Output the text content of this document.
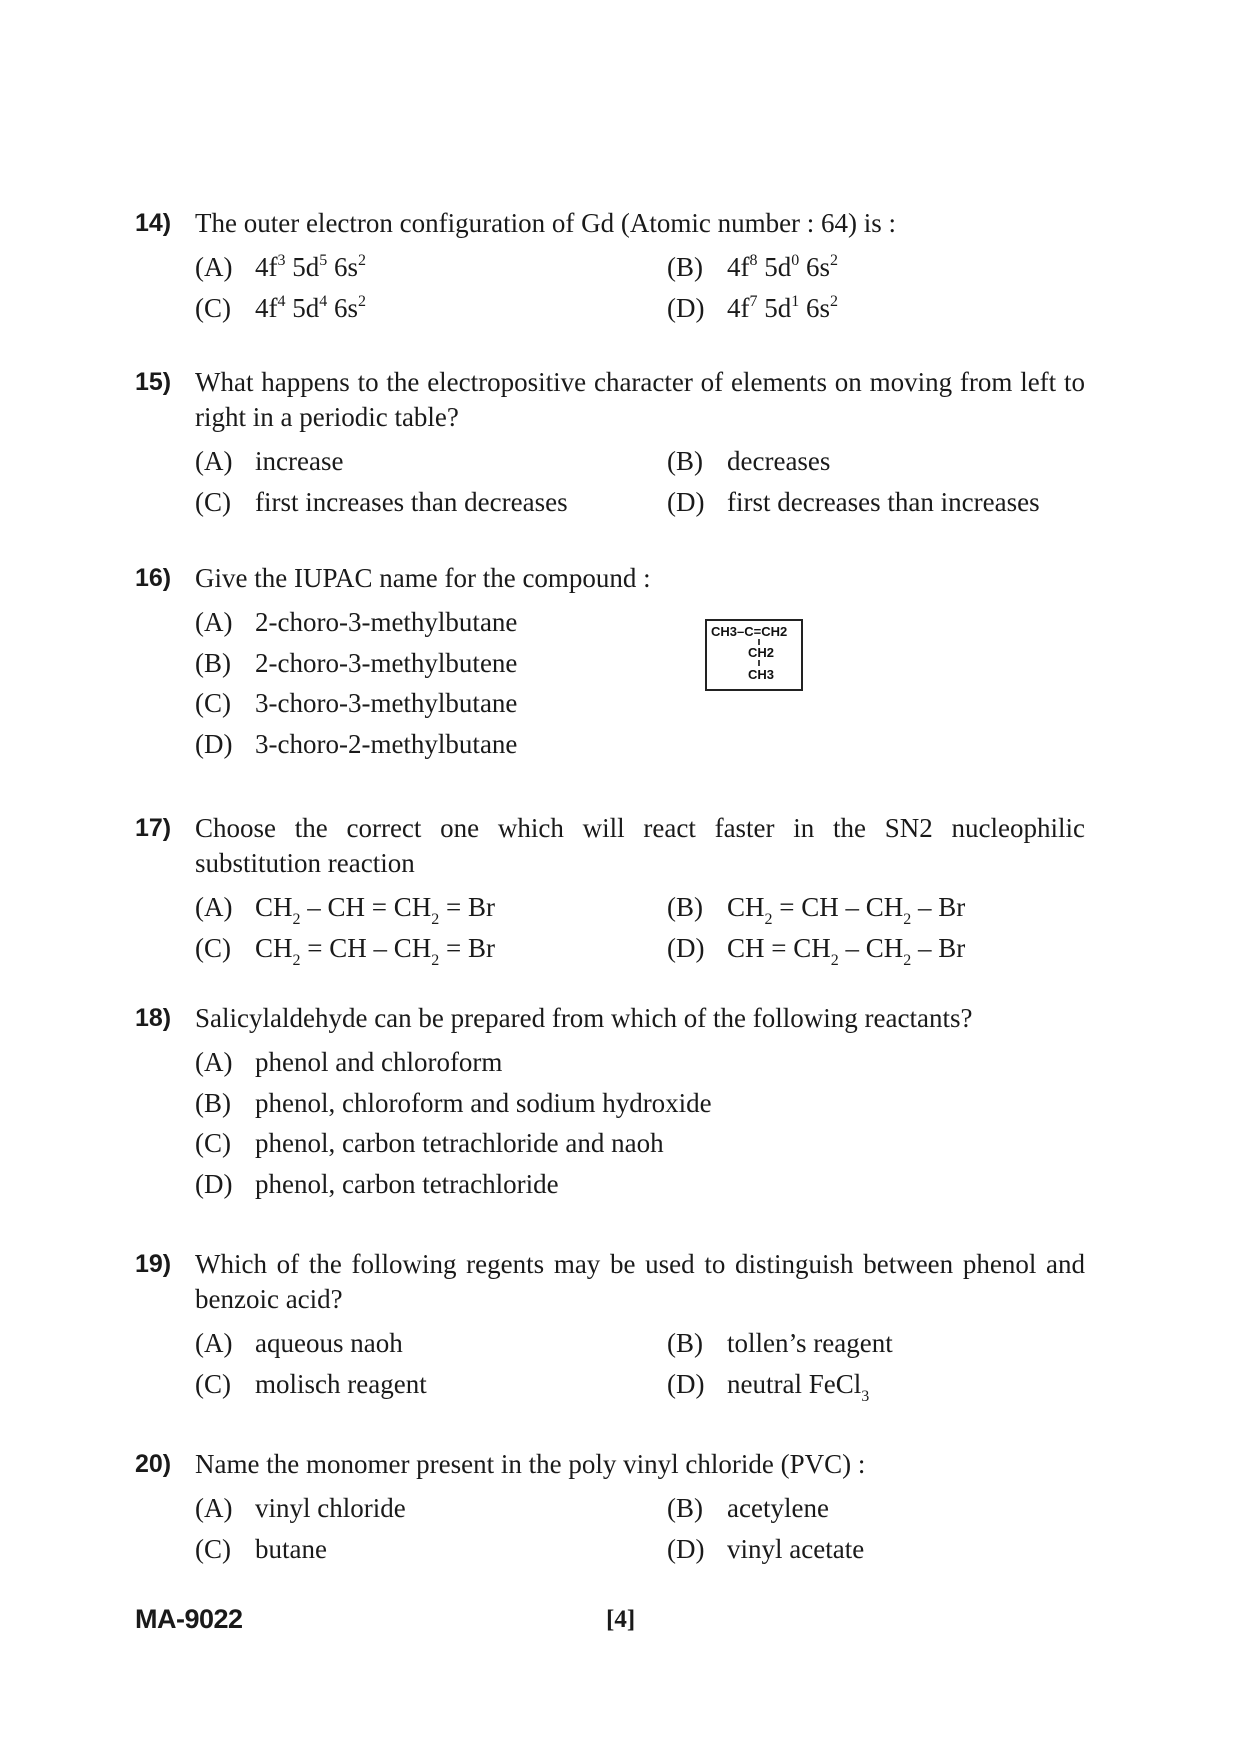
14) The outer electron configuration of Gd (Atomic number : 64) is :
(A) $4f^3$ $5d^5$ $6s^2$	(B) $4f^8$ $5d^0$ $6s^2$
(C) $4f^4$ $5d^4$ $6s^2$	(D) $4f^7$ $5d^1$ $6s^2$
15) What happens to the electropositive character of elements on moving from left to right in a periodic table?
(A) increase	(B) decreases
(C) first increases than decreases	(D) first decreases than increases
16) Give the IUPAC name for the compound :
(A) 2-choro-3-methylbutane
(B) 2-choro-3-methylbutene
(C) 3-choro-3-methylbutane
(D) 3-choro-2-methylbutane
CH3–C=CH2
CH2
CH3
17) Choose the correct one which will react faster in the SN2 nucleophilic substitution reaction
(A) $CH_2$ – CH = $CH_2 = Br$	(B) $CH_2$ = CH – $CH_2$ – Br
(C) $CH_2$ = CH – $CH_2 = Br$	(D) CH = $CH_2 - CH_2$ – Br
18) Salicylaldehyde can be prepared from which of the following reactants?
(A) phenol and chloroform
(B) phenol, chloroform and sodium hydroxide
(C) phenol, carbon tetrachloride and naoh
(D) phenol, carbon tetrachloride
19) Which of the following regents may be used to distinguish between phenol and benzoic acid?
(A) aqueous naoh	(B) tollen’s reagent
(C) molisch reagent	(D) neutral FeCl$_3$
20) Name the monomer present in the poly vinyl chloride (PVC) :
(A) vinyl chloride	(B) acetylene
(C) butane	(D) vinyl acetate
MA-9022	[4]
